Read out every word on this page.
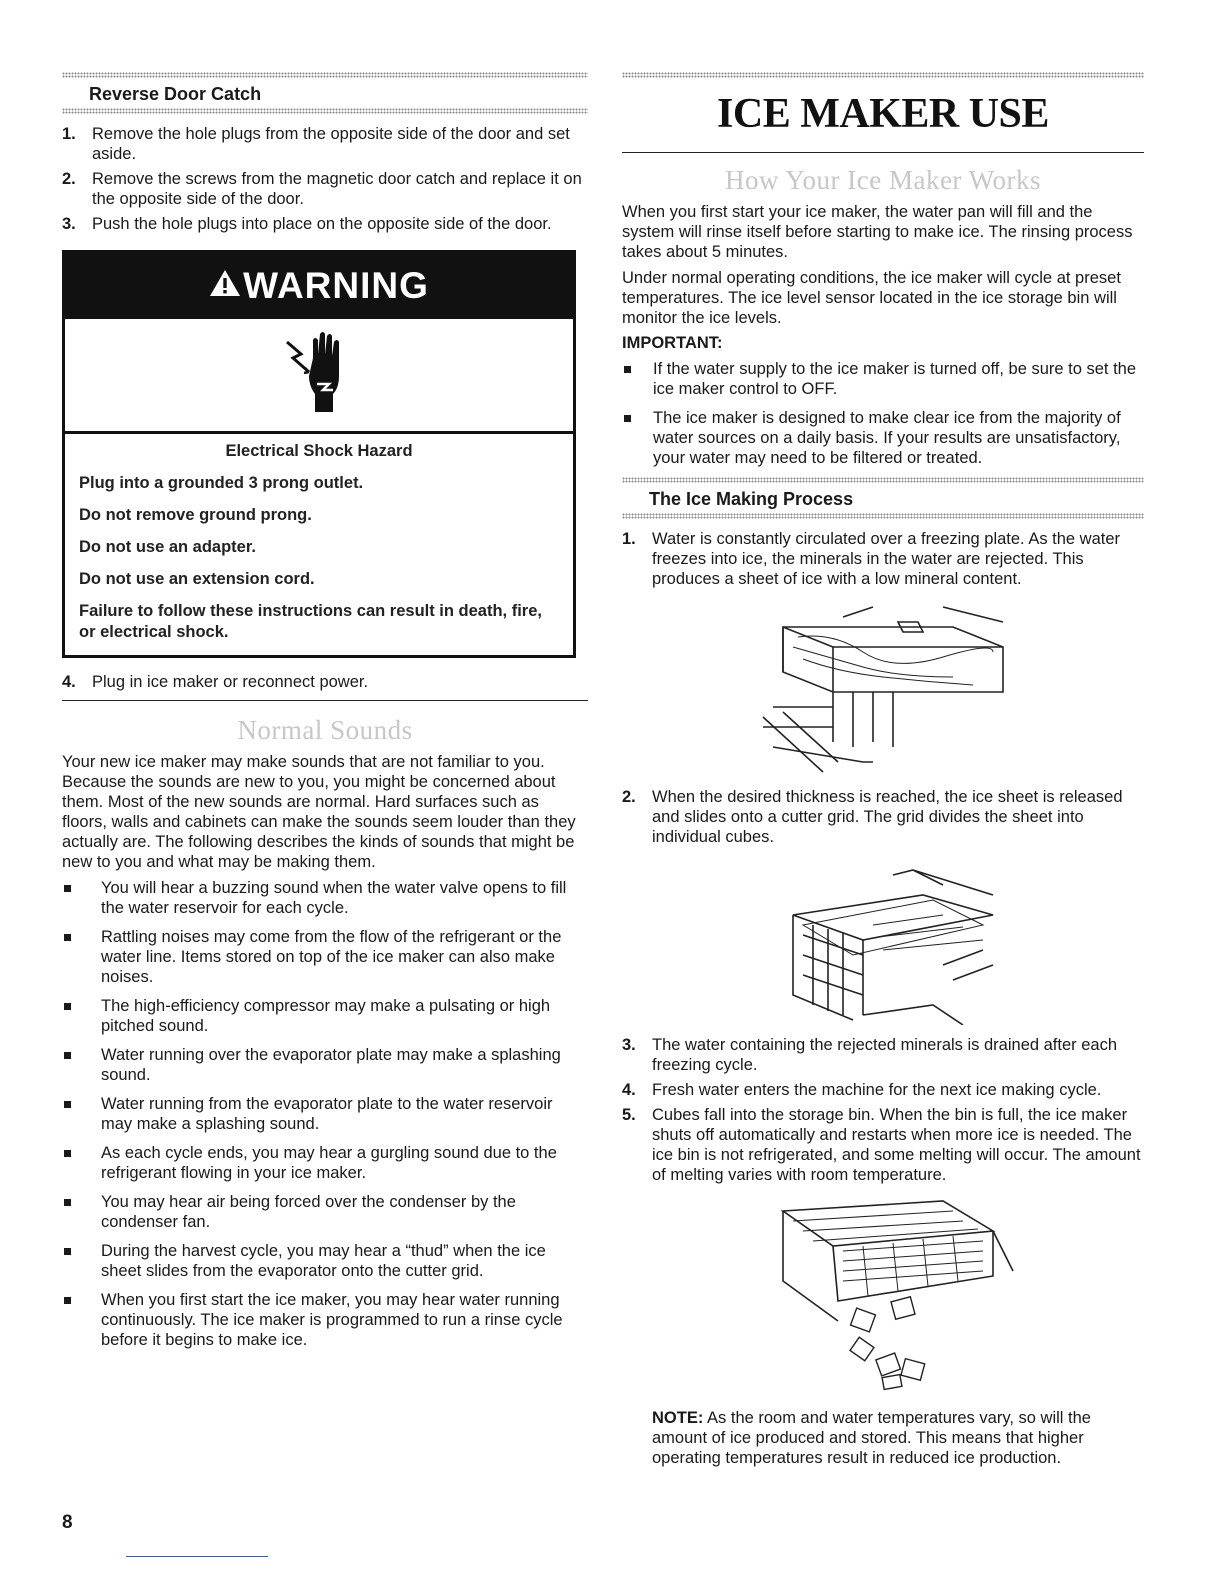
Reverse Door Catch
1. Remove the hole plugs from the opposite side of the door and set aside.
2. Remove the screws from the magnetic door catch and replace it on the opposite side of the door.
3. Push the hole plugs into place on the opposite side of the door.
WARNING

Electrical Shock Hazard

Plug into a grounded 3 prong outlet.

Do not remove ground prong.

Do not use an adapter.

Do not use an extension cord.

Failure to follow these instructions can result in death, fire, or electrical shock.

4. Plug in ice maker or reconnect power.
Normal Sounds

Your new ice maker may make sounds that are not familiar to you. Because the sounds are new to you, you might be concerned about them. Most of the new sounds are normal. Hard surfaces such as floors, walls and cabinets can make the sounds seem louder than they actually are. The following describes the kinds of sounds that might be new to you and what may be making them.

You will hear a buzzing sound when the water valve opens to fill the water reservoir for each cycle.
Rattling noises may come from the flow of the refrigerant or the water line. Items stored on top of the ice maker can also make noises.
The high-efficiency compressor may make a pulsating or high pitched sound.
Water running over the evaporator plate may make a splashing sound.
Water running from the evaporator plate to the water reservoir may make a splashing sound.
As each cycle ends, you may hear a gurgling sound due to the refrigerant flowing in your ice maker.
You may hear air being forced over the condenser by the condenser fan.
During the harvest cycle, you may hear a “thud” when the ice sheet slides from the evaporator onto the cutter grid.
When you first start the ice maker, you may hear water running continuously. The ice maker is programmed to run a rinse cycle before it begins to make ice.
ICE MAKER USE
How Your Ice Maker Works

When you first start your ice maker, the water pan will fill and the system will rinse itself before starting to make ice. The rinsing process takes about 5 minutes.

Under normal operating conditions, the ice maker will cycle at preset temperatures. The ice level sensor located in the ice storage bin will monitor the ice levels.

IMPORTANT:
If the water supply to the ice maker is turned off, be sure to set the ice maker control to OFF.
The ice maker is designed to make clear ice from the majority of water sources on a daily basis. If your results are unsatisfactory, your water may need to be filtered or treated.
The Ice Making Process
1. Water is constantly circulated over a freezing plate. As the water freezes into ice, the minerals in the water are rejected. This produces a sheet of ice with a low mineral content.
2. When the desired thickness is reached, the ice sheet is released and slides onto a cutter grid. The grid divides the sheet into individual cubes.
3. The water containing the rejected minerals is drained after each freezing cycle.
4. Fresh water enters the machine for the next ice making cycle.
5. Cubes fall into the storage bin. When the bin is full, the ice maker shuts off automatically and restarts when more ice is needed. The ice bin is not refrigerated, and some melting will occur. The amount of melting varies with room temperature.

NOTE: As the room and water temperatures vary, so will the amount of ice produced and stored. This means that higher operating temperatures result in reduced ice production.

8
